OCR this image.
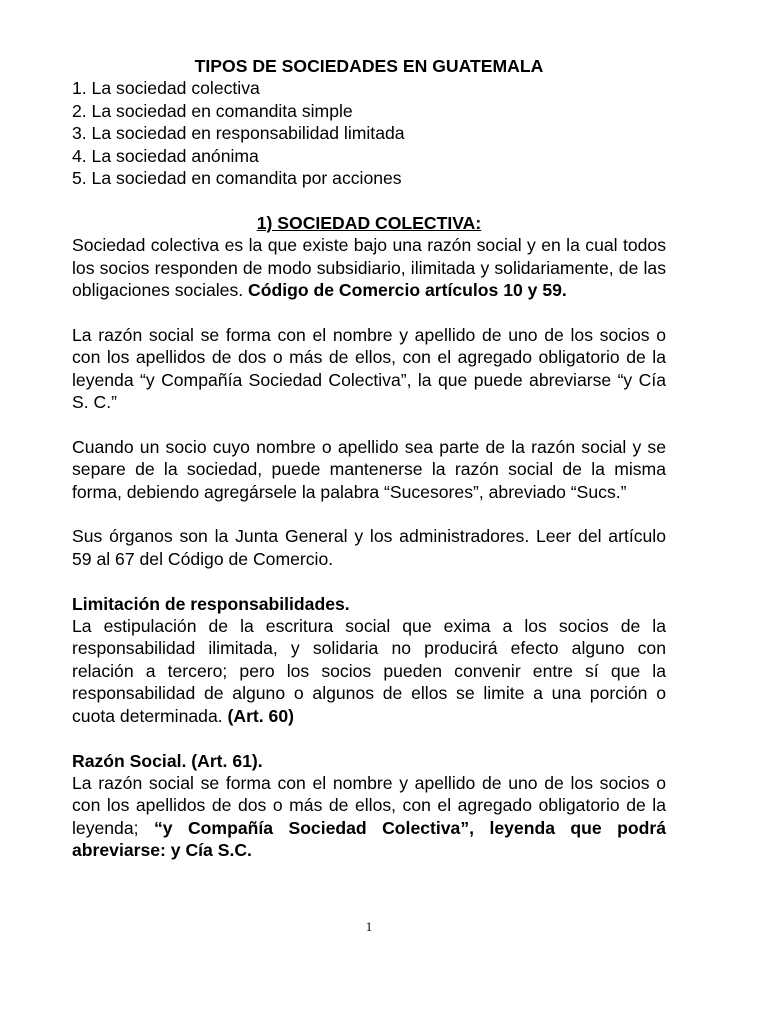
TIPOS DE SOCIEDADES EN GUATEMALA

1. La sociedad colectiva
2. La sociedad en comandita simple
3. La sociedad en responsabilidad limitada
4. La sociedad anónima
5. La sociedad en comandita por acciones

1) SOCIEDAD COLECTIVA:

Sociedad colectiva es la que existe bajo una razón social y en la cual todos los socios responden de modo subsidiario, ilimitada y solidariamente, de las obligaciones sociales. Código de Comercio artículos 10 y 59.

La razón social se forma con el nombre y apellido de uno de los socios o con los apellidos de dos o más de ellos, con el agregado obligatorio de la leyenda “y Compañía Sociedad Colectiva”, la que puede abreviarse “y Cía S. C.”

Cuando un socio cuyo nombre o apellido sea parte de la razón social y se separe de la sociedad, puede mantenerse la razón social de la misma forma, debiendo agregársele la palabra “Sucesores”, abreviado “Sucs.”

Sus órganos son la Junta General y los administradores. Leer del artículo 59 al 67 del Código de Comercio.

Limitación de responsabilidades.

La estipulación de la escritura social que exima a los socios de la responsabilidad ilimitada, y solidaria no producirá efecto alguno con relación a tercero; pero los socios pueden convenir entre sí que la responsabilidad de alguno o algunos de ellos se limite a una porción o cuota determinada. (Art. 60)

Razón Social. (Art. 61).

La razón social se forma con el nombre y apellido de uno de los socios o con los apellidos de dos o más de ellos, con el agregado obligatorio de la leyenda; “y Compañía Sociedad Colectiva”, leyenda que podrá abreviarse: y Cía S.C.

1
